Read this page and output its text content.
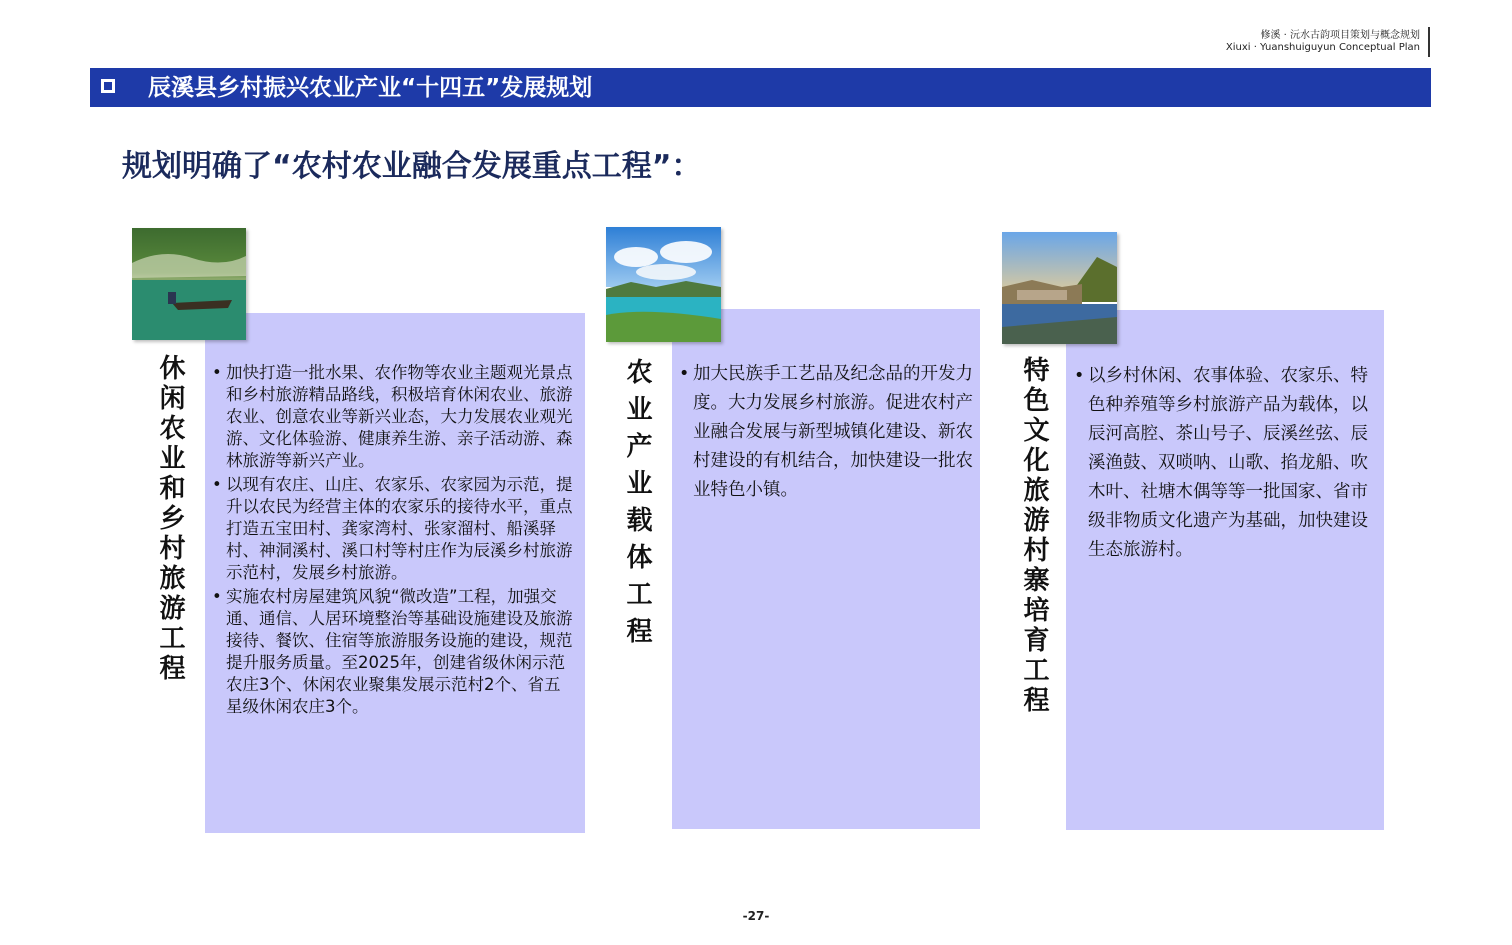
修溪 · 沅水古韵项目策划与概念规划
Xiuxi · Yuanshuiguyun Conceptual Plan
辰溪县乡村振兴农业产业“十四五”发展规划
规划明确了“农村农业融合发展重点工程”：
休闲农业和乡村旅游工程	• 加快打造一批水果、农作物等农业主题观光景点和乡村旅游精品路线，积极培育休闲农业、旅游农业、创意农业等新兴业态，大力发展农业观光游、文化体验游、健康养生游、亲子活动游、森林旅游等新兴产业。
• 以现有农庄、山庄、农家乐、农家园为示范，提升以农民为经营主体的农家乐的接待水平，重点打造五宝田村、龚家湾村、张家溜村、船溪驿村、神洞溪村、溪口村等村庄作为辰溪乡村旅游示范村，发展乡村旅游。
• 实施农村房屋建筑风貌“微改造”工程，加强交通、通信、人居环境整治等基础设施建设及旅游接待、餐饮、住宿等旅游服务设施的建设，规范提升服务质量。至2025年，创建省级休闲示范农庄3个、休闲农业聚集发展示范村2个、省五星级休闲农庄3个。
农业产业载体工程	• 加大民族手工艺品及纪念品的开发力度。大力发展乡村旅游。促进农村产业融合发展与新型城镇化建设、新农村建设的有机结合，加快建设一批农业特色小镇。	特色文化旅游村寨培育工程	• 以乡村休闲、农事体验、农家乐、特色种养殖等乡村旅游产品为载体，以辰河高腔、茶山号子、辰溪丝弦、辰溪渔鼓、双唢呐、山歌、掐龙船、吹木叶、社塘木偶等等一批国家、省市级非物质文化遗产为基础，加快建设生态旅游村。
-27-
